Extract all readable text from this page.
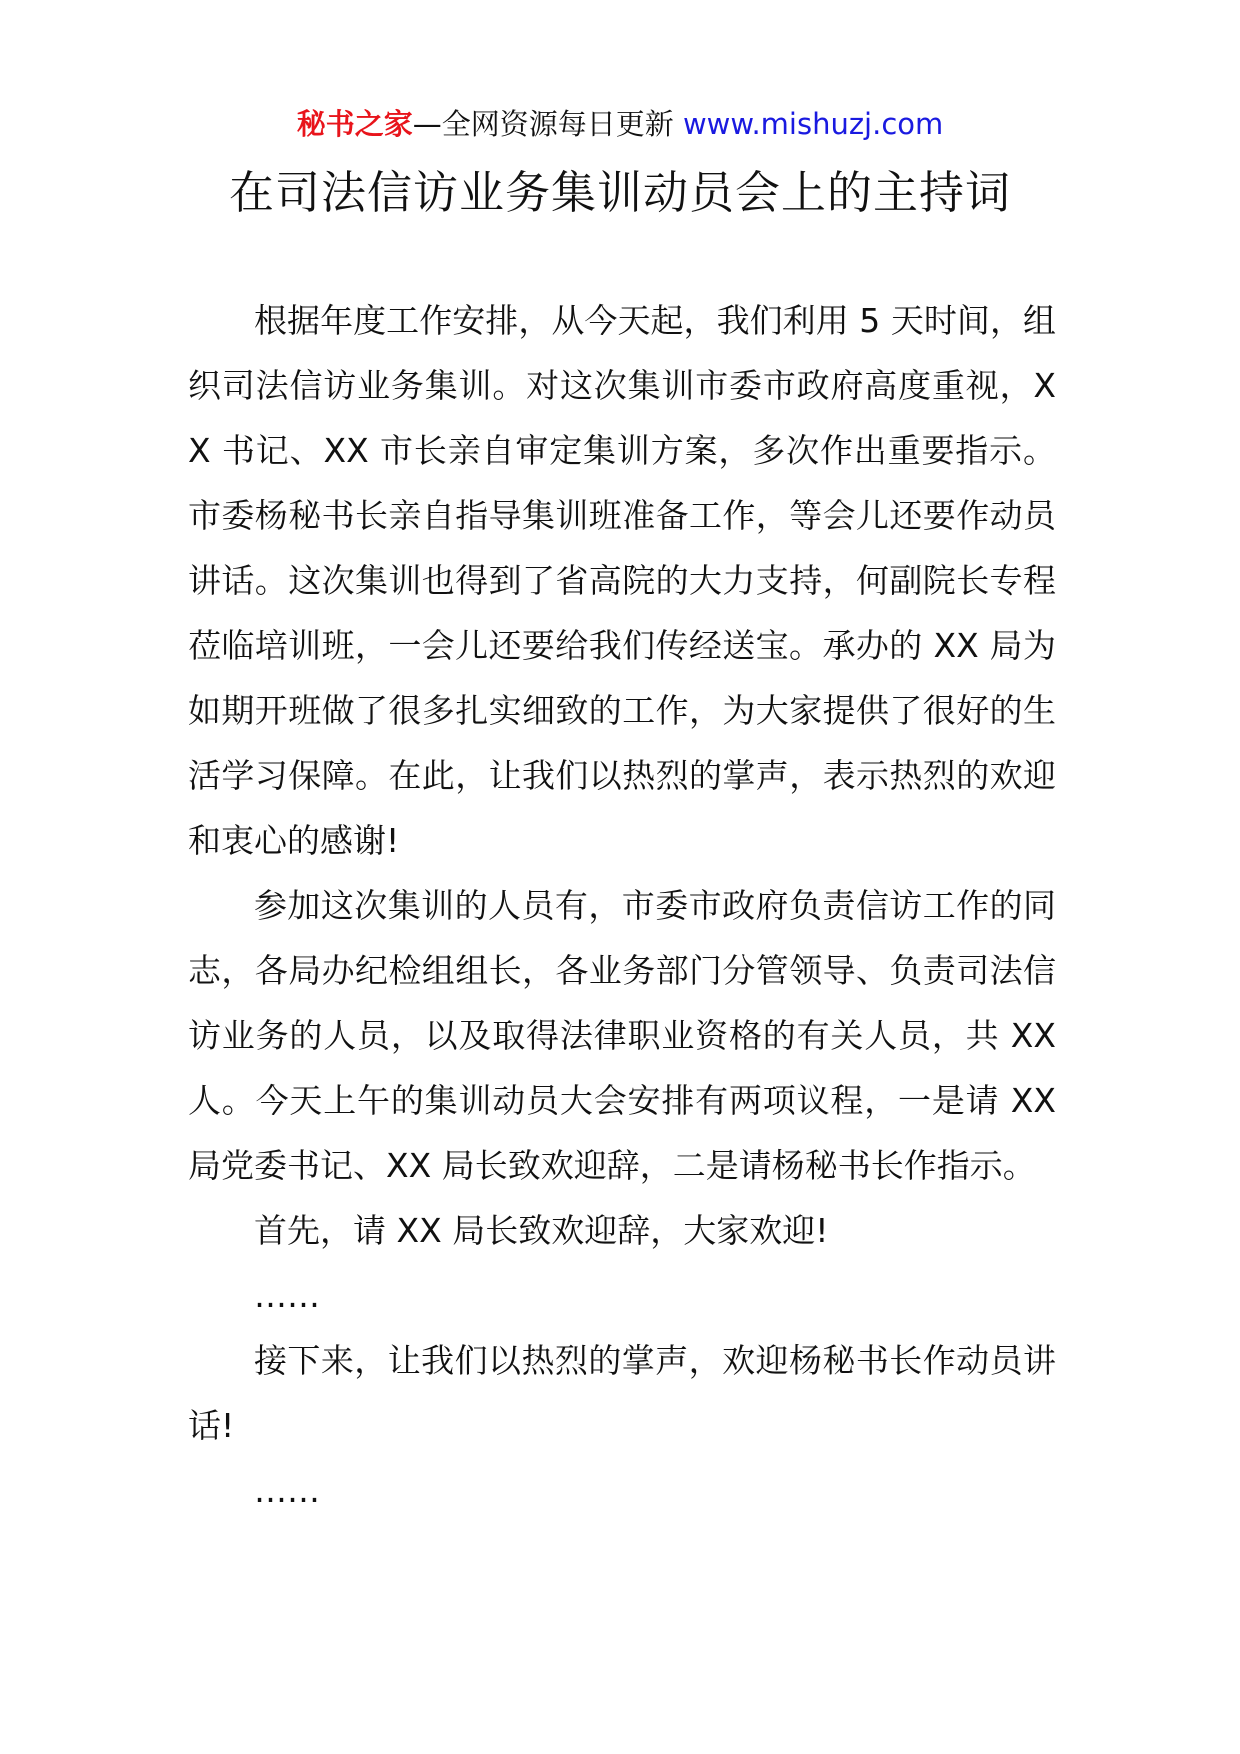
秘书之家—全网资源每日更新 www.mishuzj.com
在司法信访业务集训动员会上的主持词

根据年度工作安排，从今天起，我们利用 5 天时间，组织司法信访业务集训。对这次集训市委市政府高度重视，XX 书记、XX 市长亲自审定集训方案，多次作出重要指示。市委杨秘书长亲自指导集训班准备工作，等会儿还要作动员讲话。这次集训也得到了省高院的大力支持，何副院长专程莅临培训班，一会儿还要给我们传经送宝。承办的 XX 局为如期开班做了很多扎实细致的工作，为大家提供了很好的生活学习保障。在此，让我们以热烈的掌声，表示热烈的欢迎和衷心的感谢!

参加这次集训的人员有，市委市政府负责信访工作的同志，各局办纪检组组长，各业务部门分管领导、负责司法信访业务的人员，以及取得法律职业资格的有关人员，共 XX 人。今天上午的集训动员大会安排有两项议程，一是请 XX 局党委书记、XX 局长致欢迎辞，二是请杨秘书长作指示。

首先，请 XX 局长致欢迎辞，大家欢迎!

……

接下来，让我们以热烈的掌声，欢迎杨秘书长作动员讲话!

……
